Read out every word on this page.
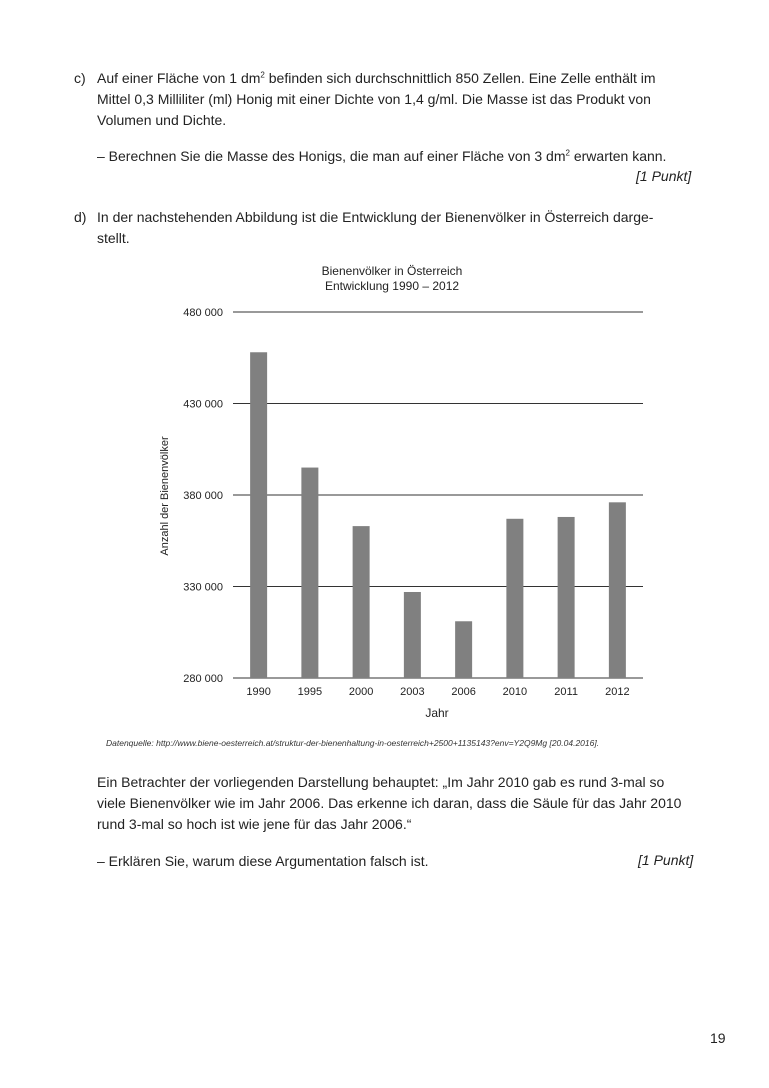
c) Auf einer Fläche von 1 $dm^2$ befinden sich durchschnittlich 850 Zellen. Eine Zelle enthält im
Mittel 0,3 Milliliter (ml) Honig mit einer Dichte von 1,4 g/ml. Die Masse ist das Produkt von
Volumen und Dichte.
– Berechnen Sie die Masse des Honigs, die man auf einer Fläche von 3 $dm^2$ erwarten kann.
[1 Punkt]
d) In der nachstehenden Abbildung ist die Entwicklung der Bienenvölker in Österreich darge-
stellt.
Bienenvölker in Österreich
Entwicklung 1990 – 2012
Anzahl der Bienenvölker
Jahr
280 000
330 000
380 000
430 000
480 000
1990 1995 2000 2003 2006 2010 2011 2012
Datenquelle: http://www.biene-oesterreich.at/struktur-der-bienenhaltung-in-oesterreich+2500+1135143?env=Y2Q9Mg [20.04.2016].
Ein Betrachter der vorliegenden Darstellung behauptet: „Im Jahr 2010 gab es rund 3-mal so
viele Bienenvölker wie im Jahr 2006. Das erkenne ich daran, dass die Säule für das Jahr 2010
rund 3-mal so hoch ist wie jene für das Jahr 2006.“
– Erklären Sie, warum diese Argumentation falsch ist.	[1 Punkt]
19
